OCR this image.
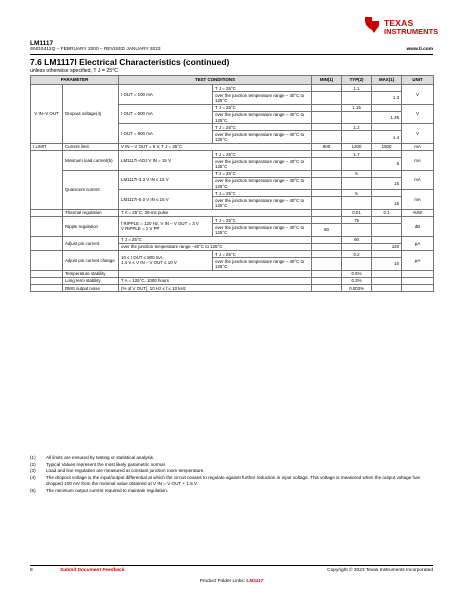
LM1117
SNOS412Q – FEBRUARY 2000 – REVISED JANUARY 2023	www.ti.com
TEXAS
INSTRUMENTS
7.6 LM1117I Electrical Characteristics (continued)
unless otherwise specified, T J = 25°C
PARAMETER		TEST CONDITIONS		MIN(1)	TYP(2)	MAX(1)	UNIT
V IN–V OUT	Dropout voltage(4)	I OUT = 100 mA	T J = 25°C		1.1		V
			over the junction temperature range – 40°C to 125°C			1.3	
		I OUT = 500 mA	T J = 25°C		1.15		V
			over the junction temperature range – 40°C to 125°C			1.35	
		I OUT = 800 mA	T J = 25°C		1.2		V
			over the junction temperature range – 40°C to 125°C			1.4	
I LIMIT	Current limit	V IN – V OUT = 5 V, T J = 25°C		800	1200	1500	mA
	Minimum load current(5)	LM1117I-ADJ V IN = 15 V	T J = 25°C		1.7		mA
			over the junction temperature range – 40°C to 125°C			5	
	Quiescent current	LM1117I-3.3 V IN ≤ 15 V	T J = 25°C		5		mA
			over the junction temperature range – 40°C to 125°C			15	
		LM1117I-5.0 V IN ≤ 15 V	T J = 25°C		5		mA
			over the junction temperature range – 40°C to 125°C			15	
	Thermal regulation	T A = 25°C, 30-ms pulse			0.01	0.1	%/W
	Ripple regulation	f RIPPLE = 120 Hz, V IN – V OUT = 3 V
V RIPPLE = 1 V PP	T J = 25°C		75		dB
			over the junction temperature range – 40°C to 125°C	60			
	Adjust pin current	T J = 25°C			60		µA
		over the junction temperature range –40°C to 125°C				120	
	Adjust pin current change	10 ≤ I OUT ≤ 800 mA,
1.4 V ≤ V IN – V OUT ≤ 10 V	T J = 25°C		0.2		µA
			over the junction temperature range – 40°C to 125°C			10	
	Temperature stability				0.5%		
	Long term stability	T A = 125°C, 1000 hours			0.3%		
	RMS output noise	(% of V OUT), 10 Hz ≤ f ≤ 10 kHz			0.003%		
(1)	All limits are ensured by testing or statistical analysis.
(2)	Typical Values represent the most likely parametric normal.
(3)	Load and line regulation are measured at constant junction room temperature.
(4)	The dropout voltage is the input/output differential at which the circuit ceases to regulate against further reduction in input voltage. This voltage is measured when the output voltage has dropped 100 mV from the nominal value obtained at V IN = V OUT + 1.5 V.
(5)	The minimum output current required to maintain regulation.
8	Submit Document Feedback	Copyright © 2023 Texas Instruments Incorporated
Product Folder Links: LM1117
